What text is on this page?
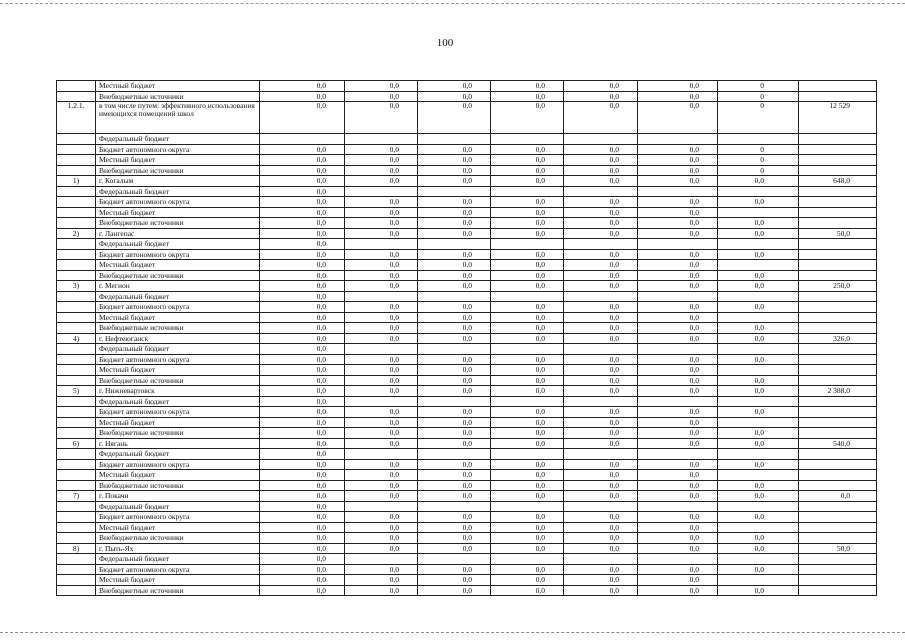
100
	Местный бюджет	0,0	0,0	0,0	0,0	0,0	0,0	0	
	Внебюджетные источники	0,0	0,0	0,0	0,0	0,0	0,0	0	
1.2.1.	в том числе путем: эффективного использования имеющихся помещений школ	0,0	0,0	0,0	0,0	0,0	0,0	0	12 529
	Федеральный бюджет								
	Бюджет автономного округа	0,0	0,0	0,0	0,0	0,0	0,0	0	
	Местный бюджет	0,0	0,0	0,0	0,0	0,0	0,0	0	
	Внебюджетные источники	0,0	0,0	0,0	0,0	0,0	0,0	0	
1)	г. Когалым	0,0	0,0	0,0	0,0	0,0	0,0	0,0	648,0
	Федеральный бюджет	0,0							
	Бюджет автономного округа	0,0	0,0	0,0	0,0	0,0	0,0	0,0	
	Местный бюджет	0,0	0,0	0,0	0,0	0,0	0,0		
	Внебюджетные источники	0,0	0,0	0,0	0,0	0,0	0,0	0,0	
2)	г. Лангепас	0,0	0,0	0,0	0,0	0,0	0,0	0,0	50,0
	Федеральный бюджет	0,0							
	Бюджет автономного округа	0,0	0,0	0,0	0,0	0,0	0,0	0,0	
	Местный бюджет	0,0	0,0	0,0	0,0	0,0	0,0		
	Внебюджетные источники	0,0	0,0	0,0	0,0	0,0	0,0	0,0	
3)	г. Мегион	0,0	0,0	0,0	0,0	0,0	0,0	0,0	250,0
	Федеральный бюджет	0,0							
	Бюджет автономного округа	0,0	0,0	0,0	0,0	0,0	0,0	0,0	
	Местный бюджет	0,0	0,0	0,0	0,0	0,0	0,0		
	Внебюджетные источники	0,0	0,0	0,0	0,0	0,0	0,0	0,0	
4)	г. Нефтеюганск	0,0	0,0	0,0	0,0	0,0	0,0	0,0	326,0
	Федеральный бюджет	0,0							
	Бюджет автономного округа	0,0	0,0	0,0	0,0	0,0	0,0	0,0	
	Местный бюджет	0,0	0,0	0,0	0,0	0,0	0,0		
	Внебюджетные источники	0,0	0,0	0,0	0,0	0,0	0,0	0,0	
5)	г. Нижневартовск	0,0	0,0	0,0	0,0	0,0	0,0	0,0	2 388,0
	Федеральный бюджет	0,0							
	Бюджет автономного округа	0,0	0,0	0,0	0,0	0,0	0,0	0,0	
	Местный бюджет	0,0	0,0	0,0	0,0	0,0	0,0		
	Внебюджетные источники	0,0	0,0	0,0	0,0	0,0	0,0	0,0	
6)	г. Нягань	0,0	0,0	0,0	0,0	0,0	0,0	0,0	540,0
	Федеральный бюджет	0,0							
	Бюджет автономного округа	0,0	0,0	0,0	0,0	0,0	0,0	0,0	
	Местный бюджет	0,0	0,0	0,0	0,0	0,0	0,0		
	Внебюджетные источники	0,0	0,0	0,0	0,0	0,0	0,0	0,0	
7)	г. Покачи	0,0	0,0	0,0	0,0	0,0	0,0	0,0	0,0
	Федеральный бюджет	0,0							
	Бюджет автономного округа	0,0	0,0	0,0	0,0	0,0	0,0	0,0	
	Местный бюджет	0,0	0,0	0,0	0,0	0,0	0,0		
	Внебюджетные источники	0,0	0,0	0,0	0,0	0,0	0,0	0,0	
8)	г. Пыть-Ях	0,0	0,0	0,0	0,0	0,0	0,0	0,0	50,0
	Федеральный бюджет	0,0							
	Бюджет автономного округа	0,0	0,0	0,0	0,0	0,0	0,0	0,0	
	Местный бюджет	0,0	0,0	0,0	0,0	0,0	0,0		
	Внебюджетные источники	0,0	0,0	0,0	0,0	0,0	0,0	0,0	
